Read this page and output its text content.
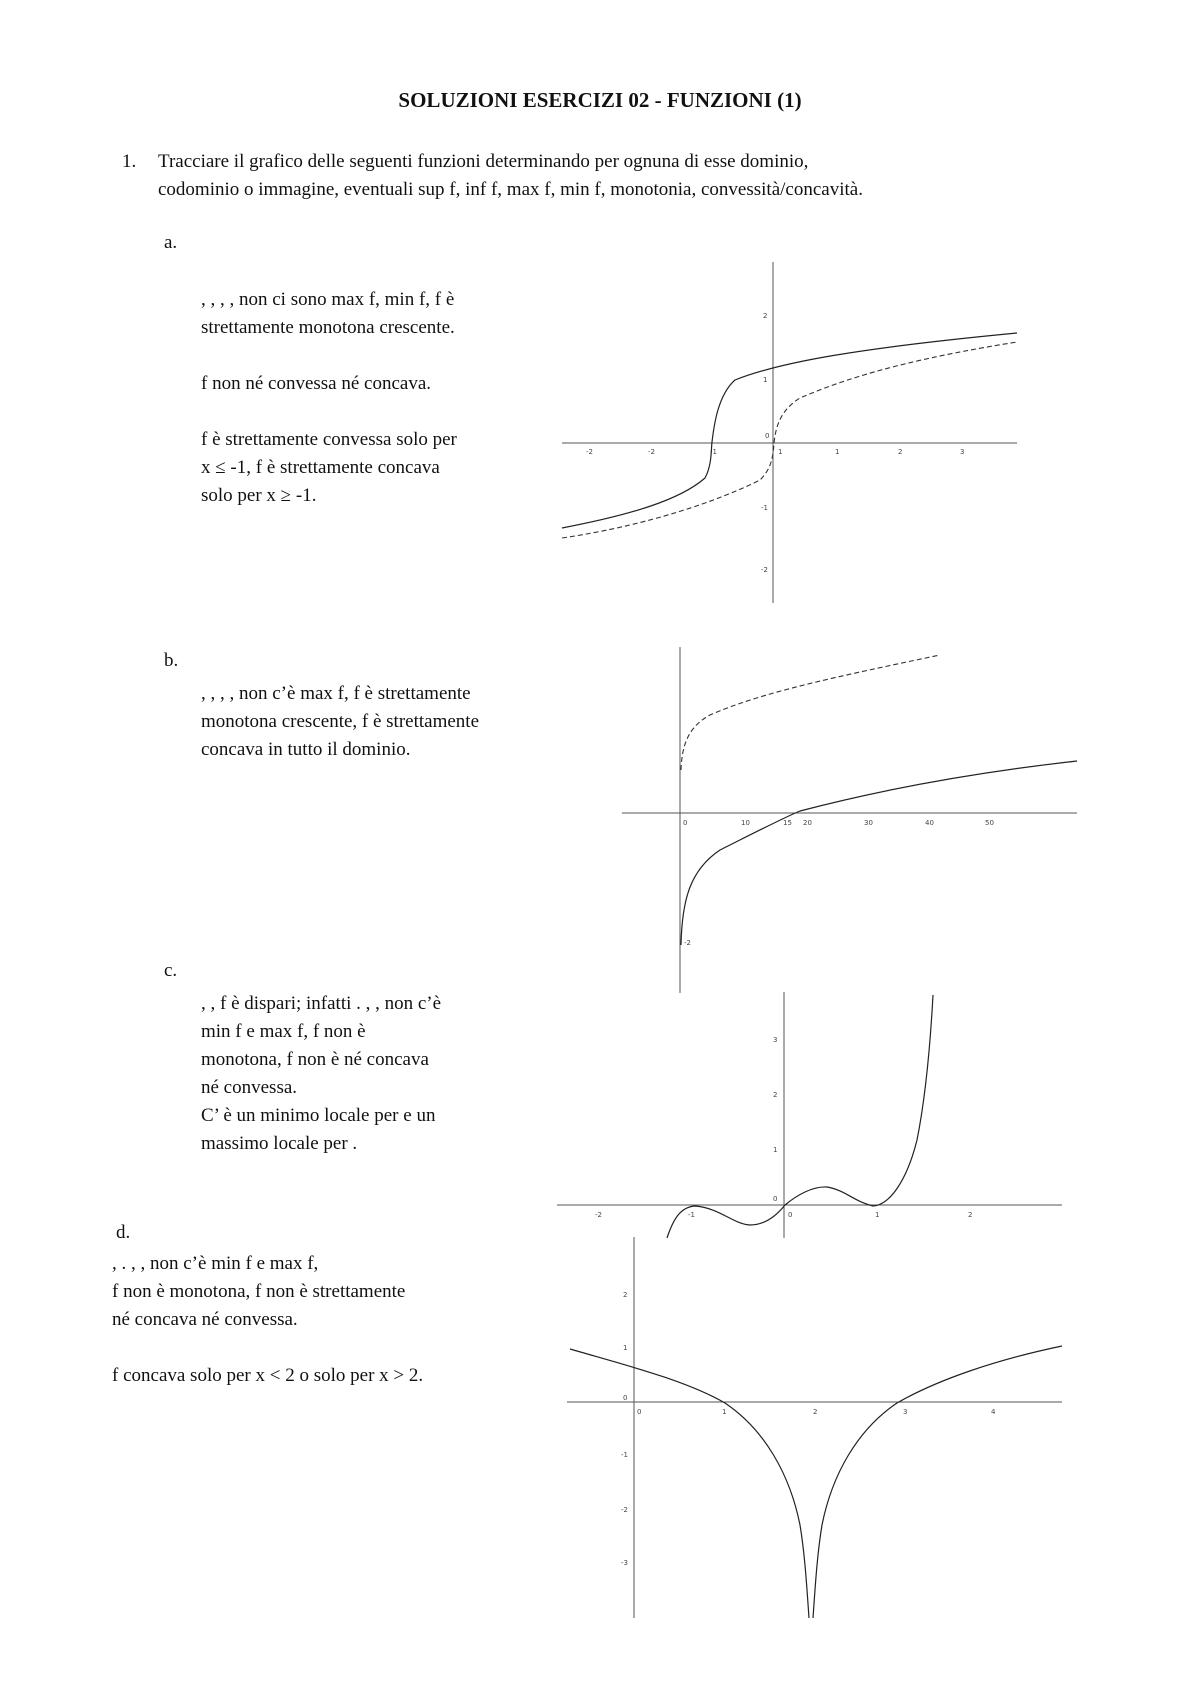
SOLUZIONI ESERCIZI 02 - FUNZIONI (1)
1. Tracciare il grafico delle seguenti funzioni determinando per ognuna di esse dominio,
codominio o immagine, eventuali sup f, inf f, max f, min f, monotonia, convessità/concavità.
a.

, , , , non ci sono max f, min f, f è

strettamente monotona crescente.

f non né convessa né concava.

f è strettamente convessa solo per

x ≤ -1, f è strettamente concava

solo per x ≥ -1.

-2	-2	-1
0
1	1	2	3
2
1
-1
-2
b.

, , , , non c’è max f, f è strettamente

monotona crescente, f è strettamente

concava in tutto il dominio.

0	10	15 20	30	40	50
-2
c.

, , f è dispari; infatti . , , non c’è

min f e max f, f non è

monotona, f non è né concava

né convessa.

C’ è un minimo locale per e un

massimo locale per .

-2	-1	0	1	2
3
2
1
0
d.

, . , , non c’è min f e max f,

f non è monotona, f non è strettamente

né concava né convessa.

f concava solo per x < 2 o solo per x > 2.

0	1	2	3	4
2
1
0
-1
-2
-3
